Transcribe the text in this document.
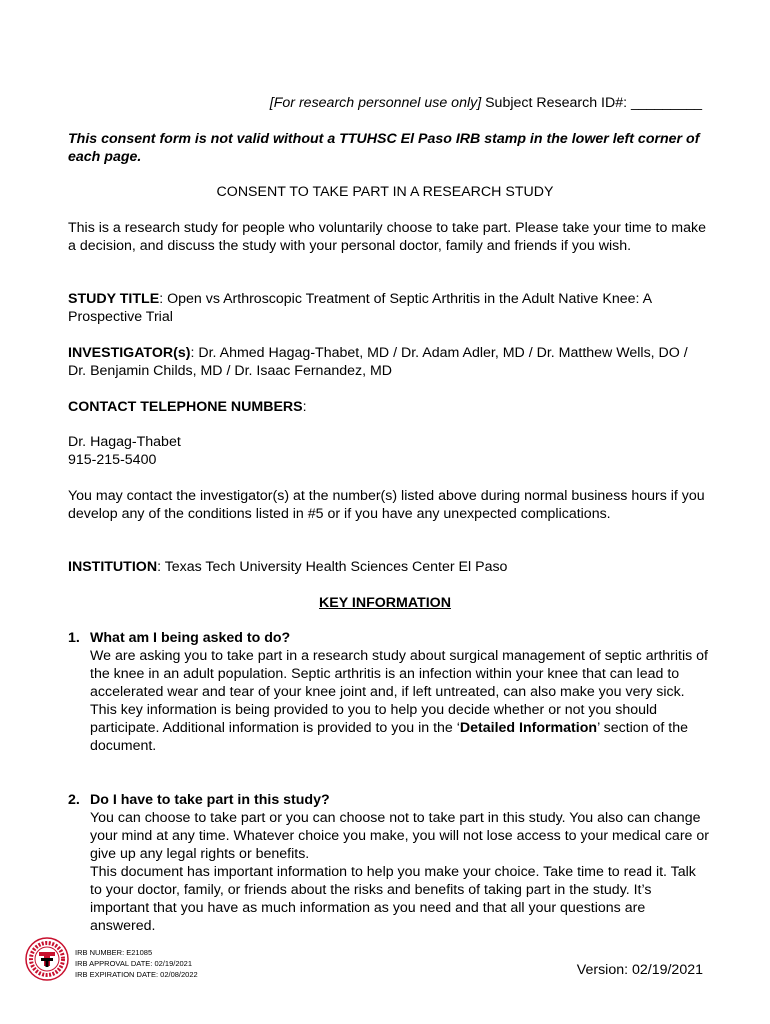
[For research personnel use only] Subject Research ID#: _________
This consent form is not valid without a TTUHSC El Paso IRB stamp in the lower left corner of each page.
CONSENT TO TAKE PART IN A RESEARCH STUDY
This is a research study for people who voluntarily choose to take part. Please take your time to make a decision, and discuss the study with your personal doctor, family and friends if you wish.
STUDY TITLE: Open vs Arthroscopic Treatment of Septic Arthritis in the Adult Native Knee: A Prospective Trial
INVESTIGATOR(s): Dr. Ahmed Hagag-Thabet, MD / Dr. Adam Adler, MD / Dr. Matthew Wells, DO / Dr. Benjamin Childs, MD / Dr. Isaac Fernandez, MD
CONTACT TELEPHONE NUMBERS:
Dr. Hagag-Thabet
915-215-5400
You may contact the investigator(s) at the number(s) listed above during normal business hours if you develop any of the conditions listed in #5 or if you have any unexpected complications.
INSTITUTION: Texas Tech University Health Sciences Center El Paso
KEY INFORMATION
1. What am I being asked to do?
We are asking you to take part in a research study about surgical management of septic arthritis of the knee in an adult population. Septic arthritis is an infection within your knee that can lead to accelerated wear and tear of your knee joint and, if left untreated, can also make you very sick.
This key information is being provided to you to help you decide whether or not you should participate. Additional information is provided to you in the ‘Detailed Information’ section of the document.
2. Do I have to take part in this study?
You can choose to take part or you can choose not to take part in this study. You also can change your mind at any time. Whatever choice you make, you will not lose access to your medical care or give up any legal rights or benefits.
This document has important information to help you make your choice. Take time to read it. Talk to your doctor, family, or friends about the risks and benefits of taking part in the study. It’s important that you have as much information as you need and that all your questions are answered.
IRB NUMBER: E21085
IRB APPROVAL DATE: 02/19/2021
IRB EXPIRATION DATE: 02/08/2022	Version: 02/19/2021
